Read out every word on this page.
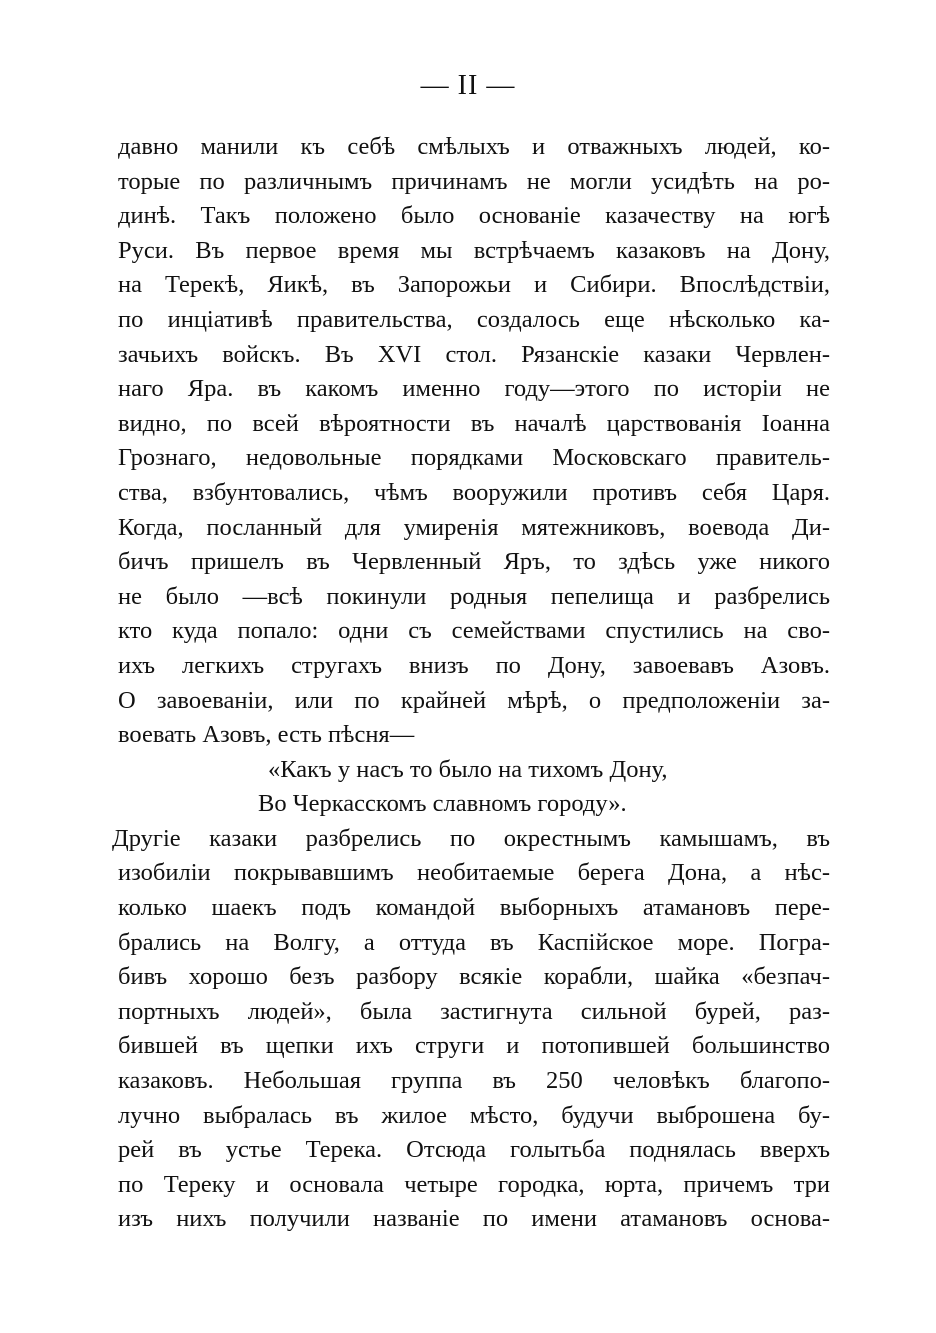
— II —
давно манили къ себѣ смѣлыхъ и отважныхъ людей, ко-
торые по различнымъ причинамъ не могли усидѣть на ро-
динѣ. Такъ положено было основаніе казачеству на югѣ
Руси. Въ первое время мы встрѣчаемъ казаковъ на Дону,
на Терекѣ, Яикѣ, въ Запорожьи и Сибири. Впослѣдствіи,
по инціативѣ правительства, создалось еще нѣсколько ка-
зачьихъ войскъ. Въ XVI стол. Рязанскіе казаки Червлен-
наго Яра. въ какомъ именно году—этого по исторіи не
видно, по всей вѣроятности въ началѣ царствованія Іоанна
Грознаго, недовольные порядками Московскаго правитель-
ства, взбунтовались, чѣмъ вооружили противъ себя Царя.
Когда, посланный для умиренія мятежниковъ, воевода Ди-
бичъ пришелъ въ Червленный Яръ, то здѣсь уже никого
не было —всѣ покинули родныя пепелища и разбрелись
кто куда попало: одни съ семействами спустились на сво-
ихъ легкихъ стругахъ внизъ по Дону, завоевавъ Азовъ.
О завоеваніи, или по крайней мѣрѣ, о предположеніи за-
воевать Азовъ, есть пѣсня—
«Какъ у насъ то было на тихомъ Дону,
Во Черкасскомъ славномъ городу».
Другіе казаки разбрелись по окрестнымъ камышамъ, въ
изобиліи покрывавшимъ необитаемые берега Дона, а нѣс-
колько шаекъ подъ командой выборныхъ атамановъ пере-
брались на Волгу, а оттуда въ Каспійское море. Погра-
бивъ хорошо безъ разбору всякіе корабли, шайка «безпач-
портныхъ людей», была застигнута сильной бурей, раз-
бившей въ щепки ихъ струги и потопившей большинство
казаковъ. Небольшая группа въ 250 человѣкъ благопо-
лучно выбралась въ жилое мѣсто, будучи выброшена бу-
рей въ устье Терека. Отсюда голытьба поднялась вверхъ
по Тереку и основала четыре городка, юрта, причемъ три
изъ нихъ получили названіе по имени атамановъ основа-
